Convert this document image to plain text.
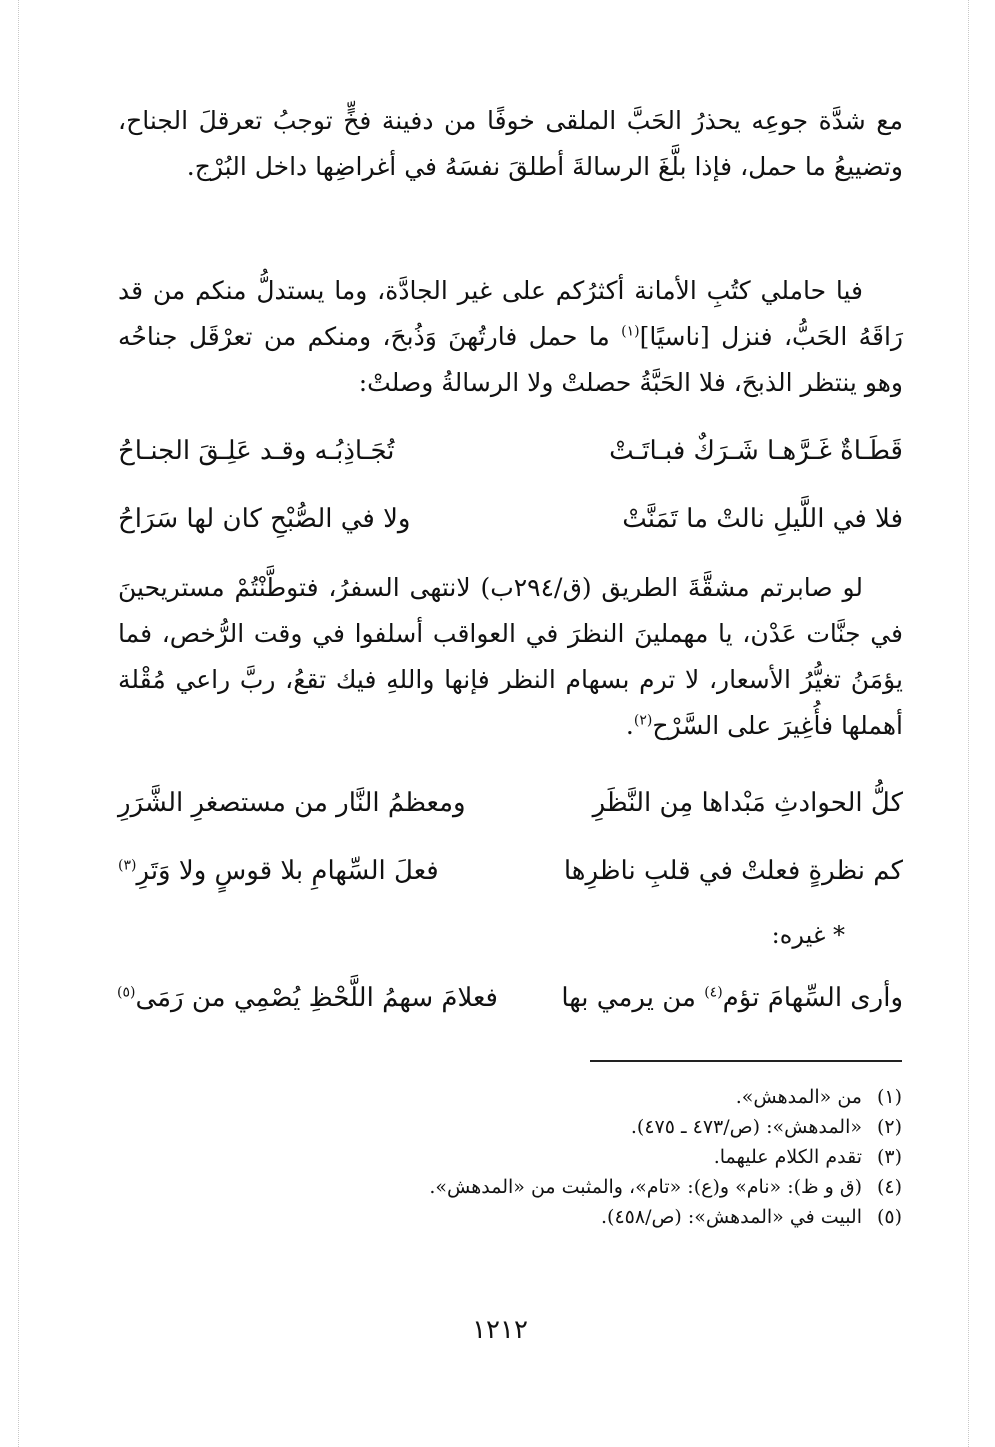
مع شدَّة جوعِه يحذرُ الحَبَّ الملقى خوفًا من دفينة فخٍّ توجبُ تعرقلَ الجناح، وتضييعُ ما حمل، فإذا بلَّغَ الرسالةَ أطلقَ نفسَهُ في أغراضِها داخل البُرْج.
فيا حاملي كتُبِ الأمانة أكثرُكم على غير الجادَّة، وما يستدلُّ منكم من قد رَاقَهُ الحَبُّ، فنزل [ناسيًا]$^{(١)}$ ما حمل فارتُهنَ وَذُبحَ، ومنكم من تعرْقَل جناحُه وهو ينتظر الذبحَ، فلا الحَبَّةُ حصلتْ ولا الرسالةُ وصلتْ:
قَطَـاةٌ غَـرَّهـا شَـرَكٌ فبـاتَـتْ
تُجَـاذِبُـه وقـد عَلِـقَ الجنـاحُ
فلا في اللَّيلِ نالتْ ما تَمَنَّتْ
ولا في الصُّبْحِ كان لها سَرَاحُ
لو صابرتم مشقَّةَ الطريق (ق/٢٩٤ب) لانتهى السفرُ، فتوطَّنْتُمْ مستريحينَ في جنَّات عَدْن، يا مهملينَ النظرَ في العواقب أسلفوا في وقت الرُّخص، فما يؤمَنُ تغيُّرُ الأسعار، لا ترم بسهام النظر فإنها واللهِ فيك تقعُ، ربَّ راعي مُقْلة أهملها فأُغِيرَ على السَّرْح$^{(٢)}$.
كلُّ الحوادثِ مَبْداها مِن النَّظَرِ
ومعظمُ النَّار من مستصغرِ الشَّرَرِ
كم نظرةٍ فعلتْ في قلبِ ناظرِها
فعلَ السِّهامِ بلا قوسٍ ولا وَتَرِ$^{(٣)}$
* غيره:
وأرى السِّهامَ تؤم$^{(٤)}$ من يرمي بها
فعلامَ سهمُ اللَّحْظِ يُصْمِي من رَمَى$^{(٥)}$
(١)
من «المدهش».
(٢)
«المدهش»: (ص/٤٧٣ ـ ٤٧٥).
(٣)
تقدم الكلام عليهما.
(٤)
(ق و ظ): «نام» و(ع): «تام»، والمثبت من «المدهش».
(٥)
البيت في «المدهش»: (ص/٤٥٨).
١٢١٢
